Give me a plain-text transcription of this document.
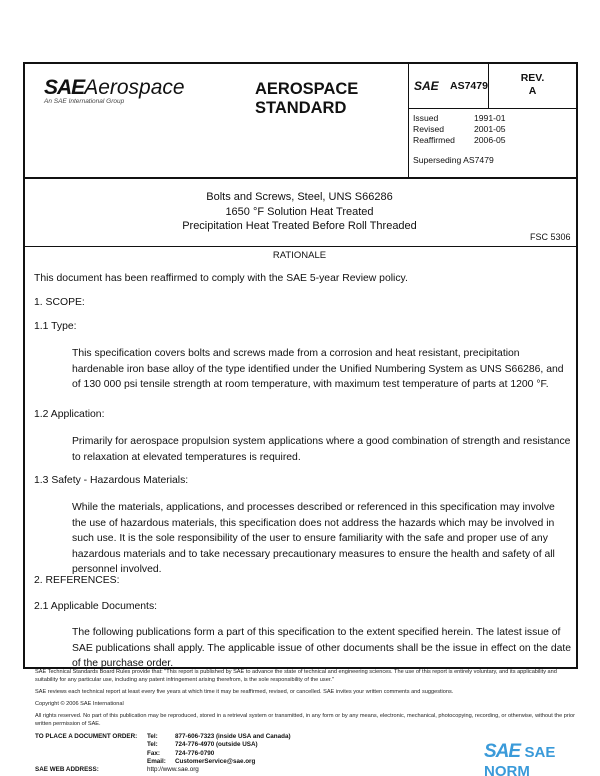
SAEAerospace
An SAE International Group
AEROSPACE
STANDARD
SAE AS7479
REV.
A
Issued	1991-01
Revised	2001-05
Reaffirmed 2006-05
Superseding AS7479
Bolts and Screws, Steel, UNS S66286
1650 °F Solution Heat Treated
Precipitation Heat Treated Before Roll Threaded
FSC 5306
RATIONALE
This document has been reaffirmed to comply with the SAE 5-year Review policy.
1. SCOPE:
1.1 Type:
This specification covers bolts and screws made from a corrosion and heat resistant, precipitation hardenable iron base alloy of the type identified under the Unified Numbering System as UNS S66286, and of 130 000 psi tensile strength at room temperature, with maximum test temperature of parts at 1200 °F.
1.2 Application:
Primarily for aerospace propulsion system applications where a good combination of strength and resistance to relaxation at elevated temperatures is required.
1.3 Safety - Hazardous Materials:
While the materials, applications, and processes described or referenced in this specification may involve the use of hazardous materials, this specification does not address the hazards which may be involved in such use. It is the sole responsibility of the user to ensure familiarity with the safe and proper use of any hazardous materials and to take necessary precautionary measures to ensure the health and safety of all personnel involved.
2. REFERENCES:
2.1 Applicable Documents:
The following publications form a part of this specification to the extent specified herein. The latest issue of SAE publications shall apply. The applicable issue of other documents shall be the issue in effect on the date of the purchase order.
SAE Technical Standards Board Rules provide that: "This report is published by SAE to advance the state of technical and engineering sciences. The use of this report is entirely voluntary, and its applicability and suitability for any particular use, including any patent infringement arising therefrom, is the sole responsibility of the user."
SAE reviews each technical report at least every five years at which time it may be reaffirmed, revised, or cancelled. SAE invites your written comments and suggestions.
Copyright © 2006 SAE International
All rights reserved. No part of this publication may be reproduced, stored in a retrieval system or transmitted, in any form or by any means, electronic, mechanical, photocopying, recording, or otherwise, without the prior written permission of SAE.
TO PLACE A DOCUMENT ORDER: Tel:	877-606-7323 (inside USA and Canada)
Tel:	724-776-4970 (outside USA)
Fax: 724-776-0790
Email: CustomerService@sae.org
SAE WEB ADDRESS:	http://www.sae.org
SAE SAE NORM
